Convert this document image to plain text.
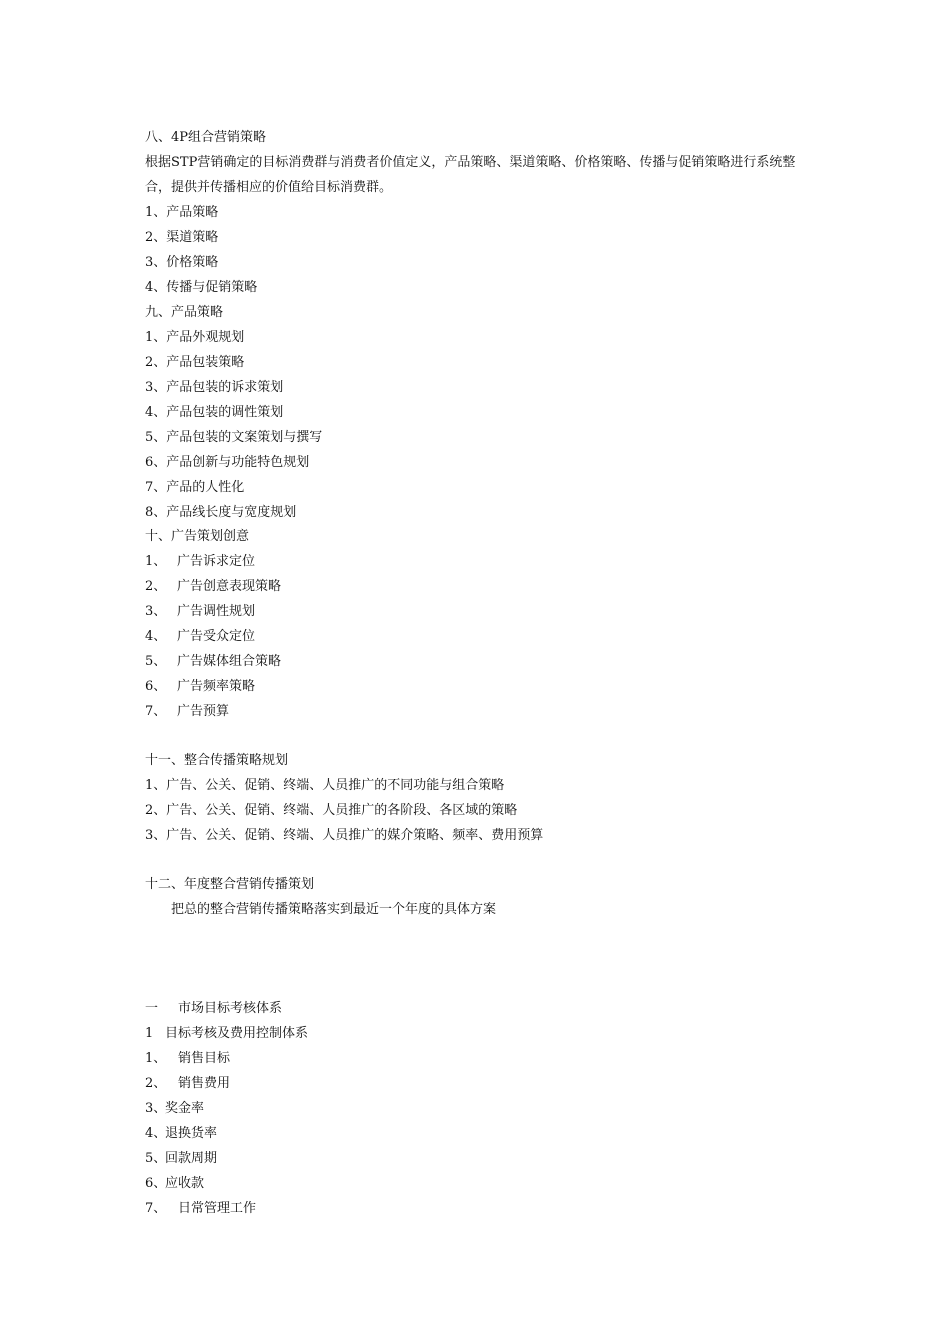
八、4P组合营销策略
根据STP营销确定的目标消费群与消费者价值定义，产品策略、渠道策略、价格策略、传播与促销策略进行系统整合，提供并传播相应的价值给目标消费群。
1、产品策略
2、渠道策略
3、价格策略
4、传播与促销策略
九、产品策略
1、产品外观规划
2、产品包装策略
3、产品包装的诉求策划
4、产品包装的调性策划
5、产品包装的文案策划与撰写
6、产品创新与功能特色规划
7、产品的人性化
8、产品线长度与宽度规划
十、广告策划创意
1、 广告诉求定位
2、 广告创意表现策略
3、 广告调性规划
4、 广告受众定位
5、 广告媒体组合策略
6、 广告频率策略
7、 广告预算
十一、整合传播策略规划
1、广告、公关、促销、终端、人员推广的不同功能与组合策略
2、广告、公关、促销、终端、人员推广的各阶段、各区域的策略
3、广告、公关、促销、终端、人员推广的媒介策略、频率、费用预算
十二、年度整合营销传播策划
把总的整合营销传播策略落实到最近一个年度的具体方案
一 市场目标考核体系
1 目标考核及费用控制体系
1、 销售目标
2、 销售费用
3、奖金率
4、退换货率
5、回款周期
6、应收款
7、 日常管理工作
